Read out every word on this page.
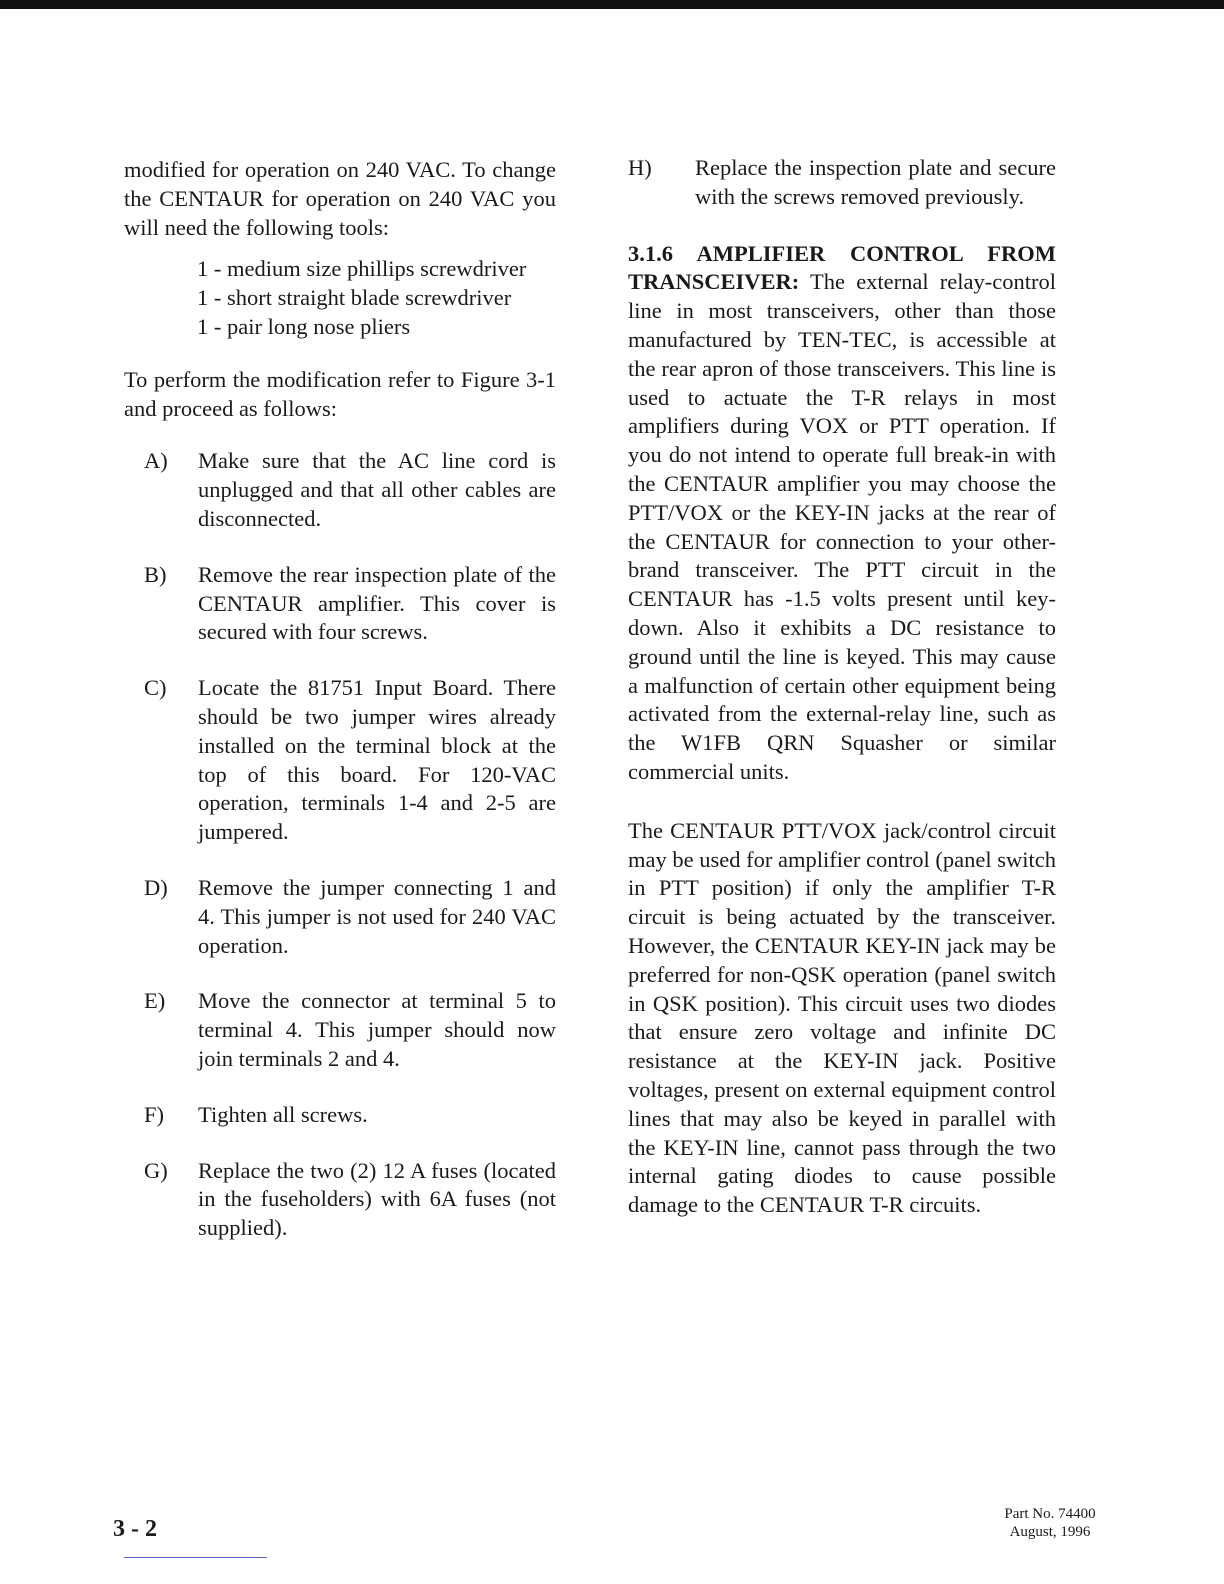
modified for operation on 240 VAC. To change the CENTAUR for operation on 240 VAC you will need the following tools:

1 - medium size phillips screwdriver
1 - short straight blade screwdriver
1 - pair long nose pliers

To perform the modification refer to Figure 3-1 and proceed as follows:

A)	Make sure that the AC line cord is unplugged and that all other cables are disconnected.
B)	Remove the rear inspection plate of the CENTAUR amplifier. This cover is secured with four screws.
C)	Locate the 81751 Input Board. There should be two jumper wires already installed on the terminal block at the top of this board. For 120-VAC operation, terminals 1-4 and 2-5 are jumpered.
D)	Remove the jumper connecting 1 and 4. This jumper is not used for 240 VAC operation.
E)	Move the connector at terminal 5 to terminal 4. This jumper should now join terminals 2 and 4.
F)	Tighten all screws.
G)	Replace the two (2) 12 A fuses (located in the fuseholders) with 6A fuses (not supplied).
H)	Replace the inspection plate and secure with the screws removed previously.

3.1.6 AMPLIFIER CONTROL FROM TRANSCEIVER: The external relay-control line in most transceivers, other than those manufactured by TEN-TEC, is accessible at the rear apron of those transceivers. This line is used to actuate the T-R relays in most amplifiers during VOX or PTT operation. If you do not intend to operate full break-in with the CENTAUR amplifier you may choose the PTT/VOX or the KEY-IN jacks at the rear of the CENTAUR for connection to your other-brand transceiver. The PTT circuit in the CENTAUR has -1.5 volts present until key-down. Also it exhibits a DC resistance to ground until the line is keyed. This may cause a malfunction of certain other equipment being activated from the external-relay line, such as the W1FB QRN Squasher or similar commercial units.

The CENTAUR PTT/VOX jack/control circuit may be used for amplifier control (panel switch in PTT position) if only the amplifier T-R circuit is being actuated by the transceiver. However, the CENTAUR KEY-IN jack may be preferred for non-QSK operation (panel switch in QSK position). This circuit uses two diodes that ensure zero voltage and infinite DC resistance at the KEY-IN jack. Positive voltages, present on external equipment control lines that may also be keyed in parallel with the KEY-IN line, cannot pass through the two internal gating diodes to cause possible damage to the CENTAUR T-R circuits.

3 - 2
Part No. 74400
August, 1996
